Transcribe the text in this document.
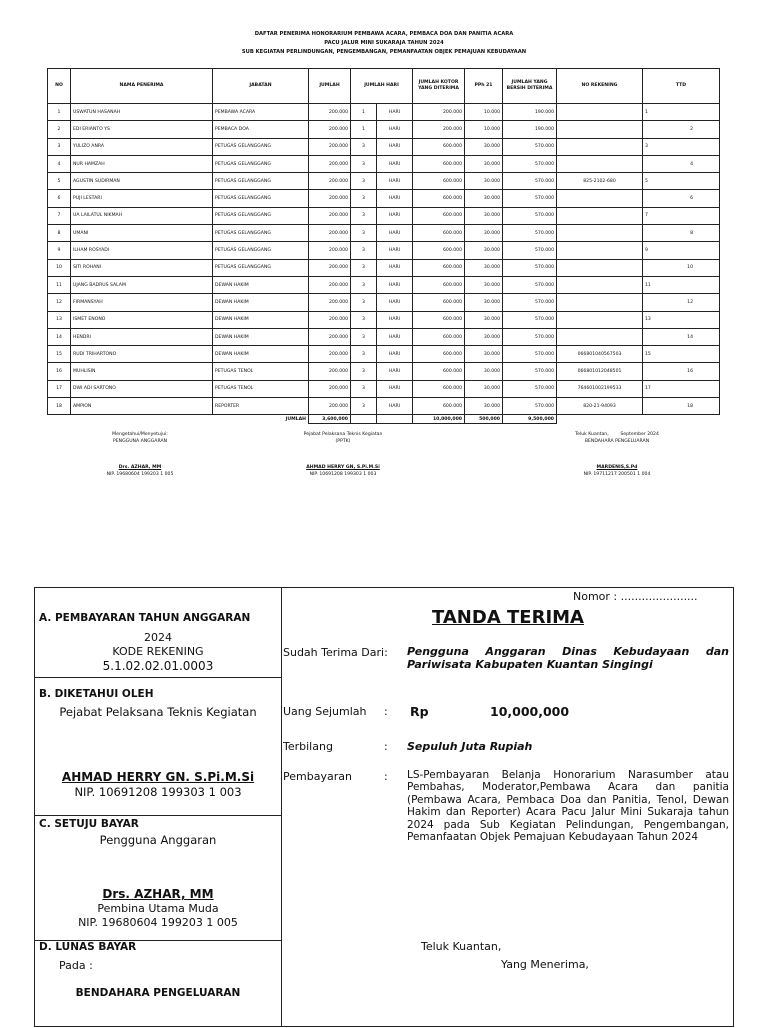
DAFTAR PENERIMA HONORARIUM PEMBAWA ACARA, PEMBACA DOA DAN PANITIA ACARA
PACU JALUR MINI SUKARAJA TAHUN 2024
SUB KEGIATAN PERLINDUNGAN, PENGEMBANGAN, PEMANFAATAN OBJEK PEMAJUAN KEBUDAYAAN
NO	NAMA PENERIMA	JABATAN	JUMLAH	JUMLAH HARI		JUMLAH KOTOR YANG DITERIMA	PPh 21	JUMLAH YANG BERSIH DITERIMA	NO REKENING	TTD
1	USWATUN HASANAH	PEMBAWA ACARA	200.000	1	HARI	200.000	10.000	190.000		1

2	EDI ERIANTO YS	PEMBACA DOA	200.000	1	HARI	200.000	10.000	190.000		2

3	YULIZO ANRA	PETUGAS GELANGGANG	200.000	3	HARI	600.000	30.000	570.000		3

4	NUR HAMZAH	PETUGAS GELANGGANG	200.000	3	HARI	600.000	30.000	570.000		4

5	AGUSTIN SUDIRMAN	PETUGAS GELANGGANG	200.000	3	HARI	600.000	30.000	570.000	825-2102-680	5

6	PUJI LESTARI	PETUGAS GELANGGANG	200.000	3	HARI	600.000	30.000	570.000		6

7	UA LAILATUL NIKMAH	PETUGAS GELANGGANG	200.000	3	HARI	600.000	30.000	570.000		7

8	UMANI	PETUGAS GELANGGANG	200.000	3	HARI	600.000	30.000	570.000		8

9	ILHAM ROSYADI	PETUGAS GELANGGANG	200.000	3	HARI	600.000	30.000	570.000		9

10	SITI ROHANI	PETUGAS GELANGGANG	200.000	3	HARI	600.000	30.000	570.000		10

11	UJANG BADRUS SALAM	DEWAN HAKIM	200.000	3	HARI	600.000	30.000	570.000		11

12	FIRMANSYAH	DEWAN HAKIM	200.000	3	HARI	600.000	30.000	570.000		12

13	ISMET ENONO	DEWAN HAKIM	200.000	3	HARI	600.000	30.000	570.000		13

14	HENDRI	DEWAN HAKIM	200.000	3	HARI	600.000	30.000	570.000		14

15	RUDI TRIHARTONO	DEWAN HAKIM	200.000	3	HARI	600.000	30.000	570.000	066801040567503	15

16	MUHLISIN	PETUGAS TENOL	200.000	3	HARI	600.000	30.000	570.000	066801012048501	16

17	DWI ADI SARTONO	PETUGAS TENOL	200.000	3	HARI	600.000	30.000	570.000	764601002199533	17

18	AMPION	REPORTER	200.000	3	HARI	600.000	30.000	570.000	820-21-94093	18

JUMLAH			3,600,000			10,000,000	500,000	9,500,000		
Mengetahui/Menyetujui:
PENGGUNA ANGGARAN
Drs. AZHAR, MM
NIP. 19680604 199203 1 005
Pejabat Pelaksana Teknis Kegiatan
(PPTK)
AHMAD HERRY GN, S.Pi.M.Si
NIP. 10691208 199303 1 003
Teluk Kuantan,	September 2024
BENDAHARA PENGELUARAN
MARDENIS,S.Pd
NIP. 19711217 200501 1 004
A. PEMBAYARAN TAHUN ANGGARAN
2024
KODE REKENING
5.1.02.02.01.0003
B. DIKETAHUI OLEH
Pejabat Pelaksana Teknis Kegiatan
AHMAD HERRY GN. S.Pi.M.Si
NIP. 10691208 199303 1 003
C. SETUJU BAYAR
Pengguna Anggaran
Drs. AZHAR, MM
Pembina Utama Muda
NIP. 19680604 199203 1 005
D. LUNAS BAYAR
Pada :
BENDAHARA PENGELUARAN
Nomor : ......................
TANDA TERIMA
Sudah Terima Dari: Pengguna Anggaran Dinas Kebudayaan dan Pariwisata Kabupaten Kuantan Singingi
Uang Sejumlah : Rp	10,000,000
Terbilang	: Sepuluh Juta Rupiah
Pembayaran	: LS-Pembayaran Belanja Honorarium Narasumber atau Pembahas, Moderator,Pembawa Acara dan panitia (Pembawa Acara, Pembaca Doa dan Panitia, Tenol, Dewan Hakim dan Reporter) Acara Pacu Jalur Mini Sukaraja tahun 2024 pada Sub Kegiatan Pelindungan, Pengembangan, Pemanfaatan Objek Pemajuan Kebudayaan Tahun 2024
Teluk Kuantan,
Yang Menerima,
